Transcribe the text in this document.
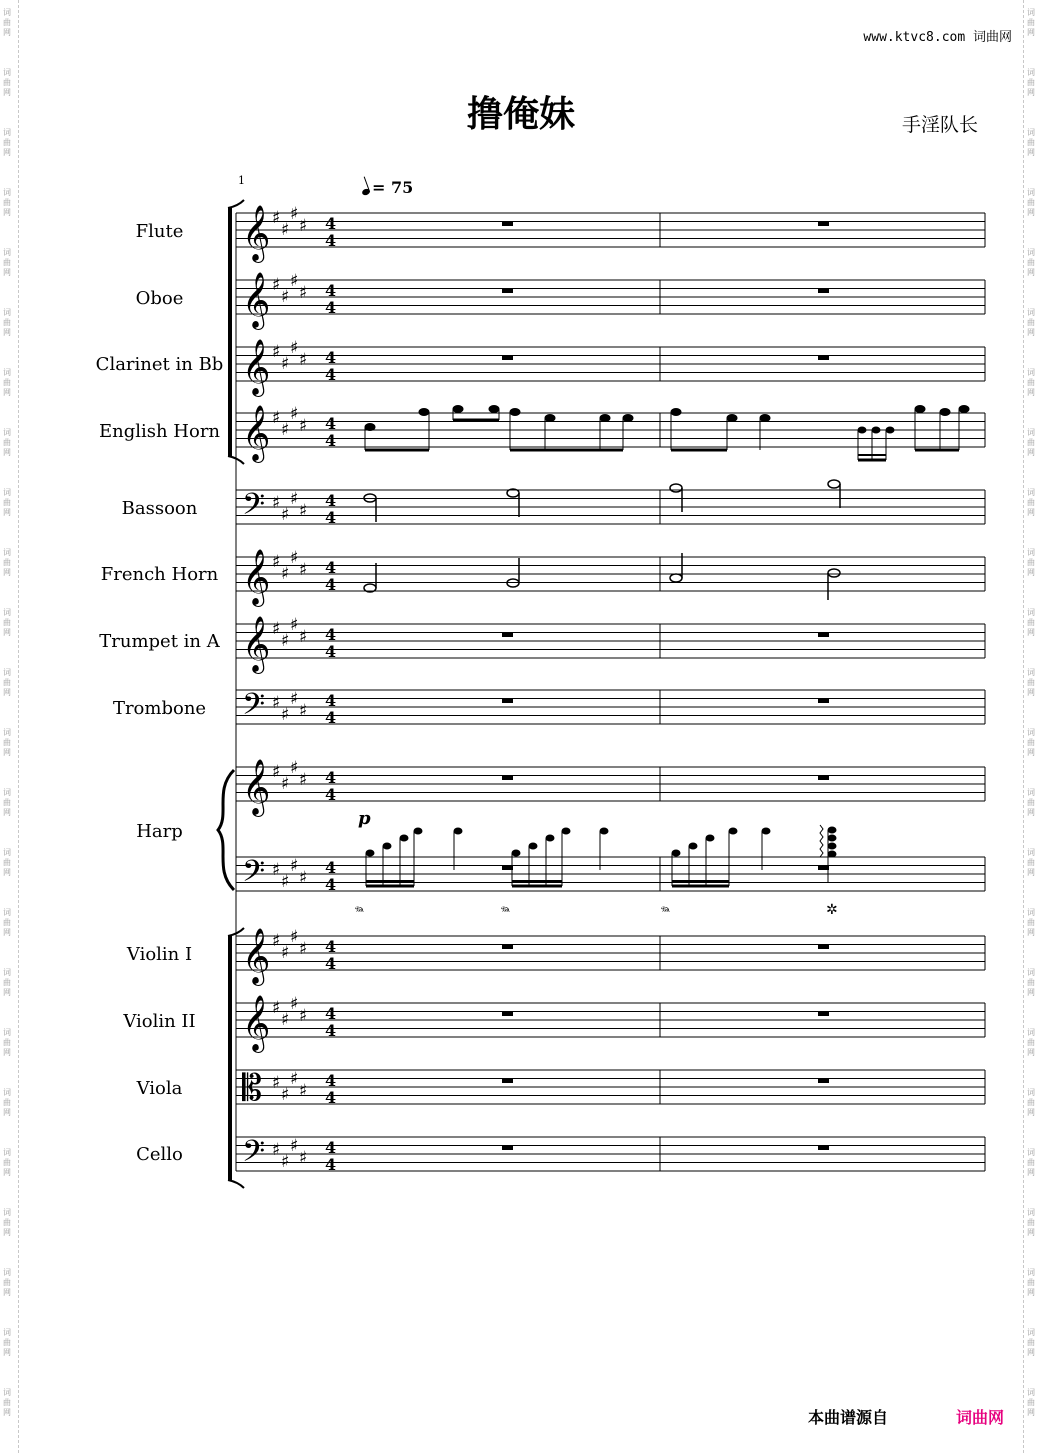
词
曲
网
词
曲
网
词
曲
网
词
曲
网
词
曲
网
词
曲
网
词
曲
网
词
曲
网
词
曲
网
词
曲
网
词
曲
网
词
曲
网
词
曲
网
词
曲
网
词
曲
网
词
曲
网
词
曲
网
词
曲
网
词
曲
网
词
曲
网
词
曲
网
词
曲
网
词
曲
网
词
曲
网
词
曲
网
词
曲
网
词
曲
网
词
曲
网
词
曲
网
词
曲
网
词
曲
网
词
曲
网
词
曲
网
词
曲
网
词
曲
网
词
曲
网
词
曲
网
词
曲
网
词
曲
网
词
曲
网
词
曲
网
词
曲
网
词
曲
网
词
曲
网
词
曲
网
词
曲
网
词
曲
网
词
曲
网
www.ktvc8.com 词曲网
撸俺妹	手淫队长
1	= 75
Flute
Oboe
Clarinet in Bb
English Horn
Bassoon
French Horn
Trumpet in A
Trombone
Harp
Violin I
Violin II
Viola
Cello
𝄞 ♯
♯
♯
♯ 4
4
𝄞 ♯
♯
♯
♯ 4
4
𝄞 ♯
♯
♯
♯ 4
4
𝄞 ♯
♯
♯
♯ 4
4
𝄢 ♯
♯
♯
♯
4
4
𝄞 ♯
♯
♯
♯ 4
4
𝄞 ♯
♯
♯
♯ 4
4
𝄢 ♯
♯
♯
♯
4
4
𝄞 ♯
♯
♯
♯ 4
4
𝄢 ♯
♯
♯
♯
4
4
𝄞 ♯
♯
♯
♯ 4
4
𝄞 ♯
♯
♯
♯ 4
4
𝄡 ♯
♯
♯
♯
4
4
𝄢 ♯
♯
♯
♯
4
4
p
𝆮	𝆮	𝆮	✲
本曲谱源自	词曲网
